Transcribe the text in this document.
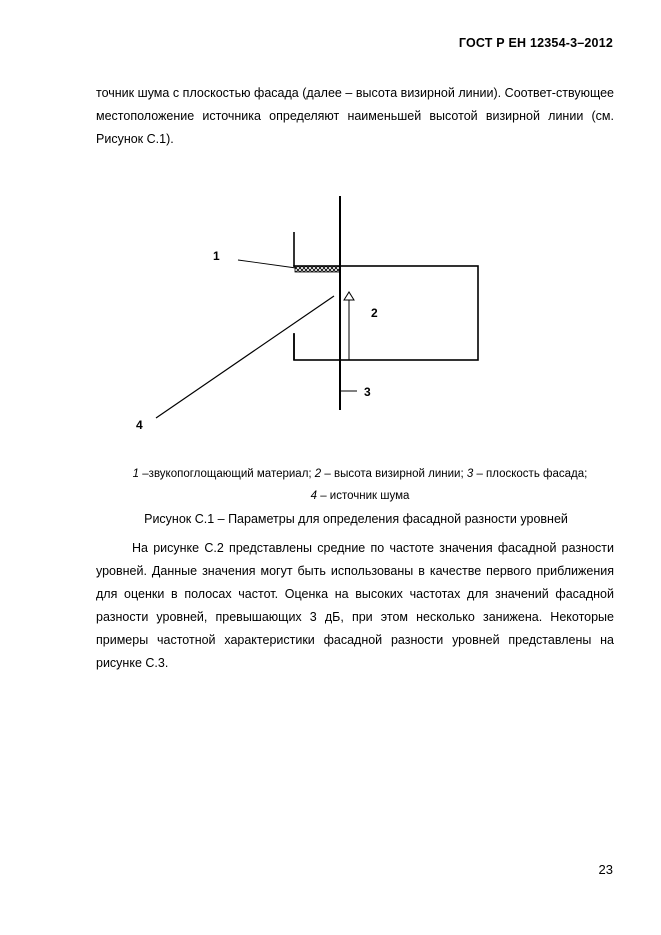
ГОСТ Р ЕН 12354-3–2012
точник шума с плоскостью фасада (далее – высота визирной линии). Соответ-ствующее местоположение источника определяют наименьшей высотой визирной линии (см. Рисунок С.1).
1
2
3
4
1 –звукопоглощающий материал; 2 – высота визирной линии; 3 – плоскость фасада;
4 – источник шума
Рисунок С.1 – Параметры для определения фасадной разности уровней
На рисунке С.2 представлены средние по частоте значения фасадной разности уровней. Данные значения могут быть использованы в качестве первого приближения для оценки в полосах частот. Оценка на высоких частотах для значений фасадной разности уровней, превышающих 3 дБ, при этом несколько занижена. Некоторые примеры частотной характеристики фасадной разности уровней представлены на рисунке С.3.
23
